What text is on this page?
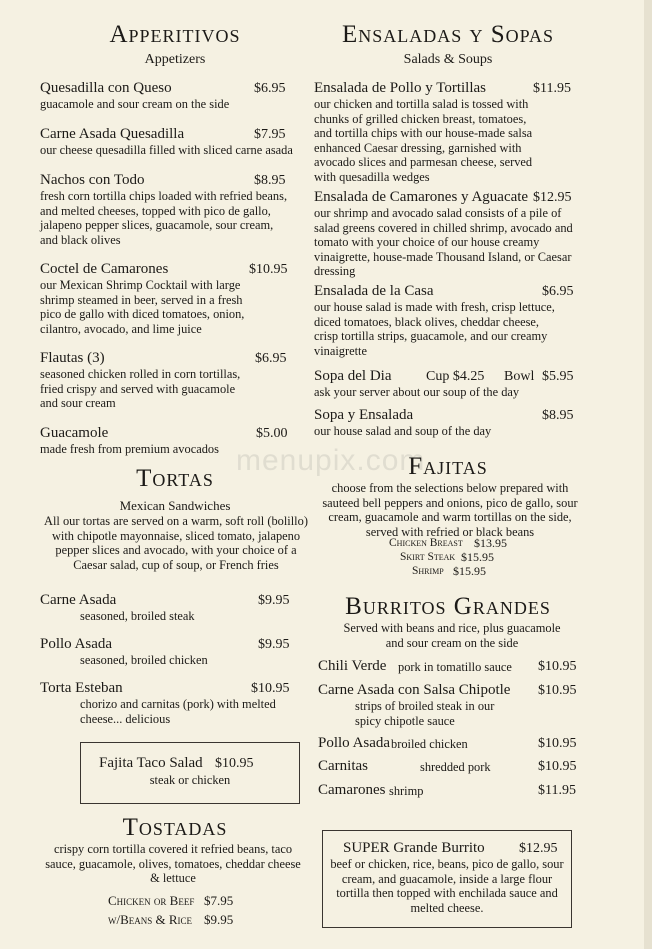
menupix.com
Apperitivos
Appetizers
Quesadilla con Queso	$6.95
guacamole and sour cream on the side
Carne Asada Quesadilla	$7.95
our cheese quesadilla filled with sliced carne asada
Nachos con Todo	$8.95
fresh corn tortilla chips loaded with refried beans, and melted cheeses, topped with pico de gallo, jalapeno pepper slices, guacamole, sour cream, and black olives
Coctel de Camarones	$10.95
our Mexican Shrimp Cocktail with large shrimp steamed in beer, served in a fresh pico de gallo with diced tomatoes, onion, cilantro, avocado, and lime juice
Flautas (3)	$6.95
seasoned chicken rolled in corn tortillas, fried crispy and served with guacamole and sour cream
Guacamole	$5.00
made fresh from premium avocados
Tortas
Mexican Sandwiches
All our tortas are served on a warm, soft roll (bolillo) with chipotle mayonnaise, sliced tomato, jalapeno pepper slices and avocado, with your choice of a Caesar salad, cup of soup, or French fries
Carne Asada	$9.95
seasoned, broiled steak
Pollo Asada	$9.95
seasoned, broiled chicken
Torta Esteban	$10.95
chorizo and carnitas (pork) with melted cheese... delicious
Fajita Taco Salad $10.95
steak or chicken
Tostadas
crispy corn tortilla covered it refried beans, taco sauce, guacamole, olives, tomatoes, cheddar cheese & lettuce
Chicken or Beef $7.95
w/Beans & Rice $9.95
Ensaladas y Sopas
Salads & Soups
Ensalada de Pollo y Tortillas	$11.95
our chicken and tortilla salad is tossed with chunks of grilled chicken breast, tomatoes, and tortilla chips with our house-made salsa enhanced Caesar dressing, garnished with avocado slices and parmesan cheese, served with quesadilla wedges
Ensalada de Camarones y Aguacate $12.95
our shrimp and avocado salad consists of a pile of salad greens covered in chilled shrimp, avocado and tomato with your choice of our house creamy vinaigrette, house-made Thousand Island, or Caesar dressing
Ensalada de la Casa	$6.95
our house salad is made with fresh, crisp lettuce, diced tomatoes, black olives, cheddar cheese, crisp tortilla strips, guacamole, and our creamy vinaigrette
Sopa del Dia Cup $4.25 Bowl $5.95
ask your server about our soup of the day
Sopa y Ensalada	$8.95
our house salad and soup of the day
Fajitas
choose from the selections below prepared with sauteed bell peppers and onions, pico de gallo, sour cream, guacamole and warm tortillas on the side, served with refried or black beans
Chicken Breast $13.95
Skirt Steak $15.95
Shrimp $15.95
Burritos Grandes
Served with beans and rice, plus guacamole and sour cream on the side
Chili Verde pork in tomatillo sauce $10.95
Carne Asada con Salsa Chipotle $10.95
strips of broiled steak in our spicy chipotle sauce
Pollo Asada broiled chicken	$10.95
Carnitas	shredded pork	$10.95
Camarones shrimp	$11.95
SUPER Grande Burrito $12.95
beef or chicken, rice, beans, pico de gallo, sour cream, and guacamole, inside a large flour tortilla then topped with enchilada sauce and melted cheese.
